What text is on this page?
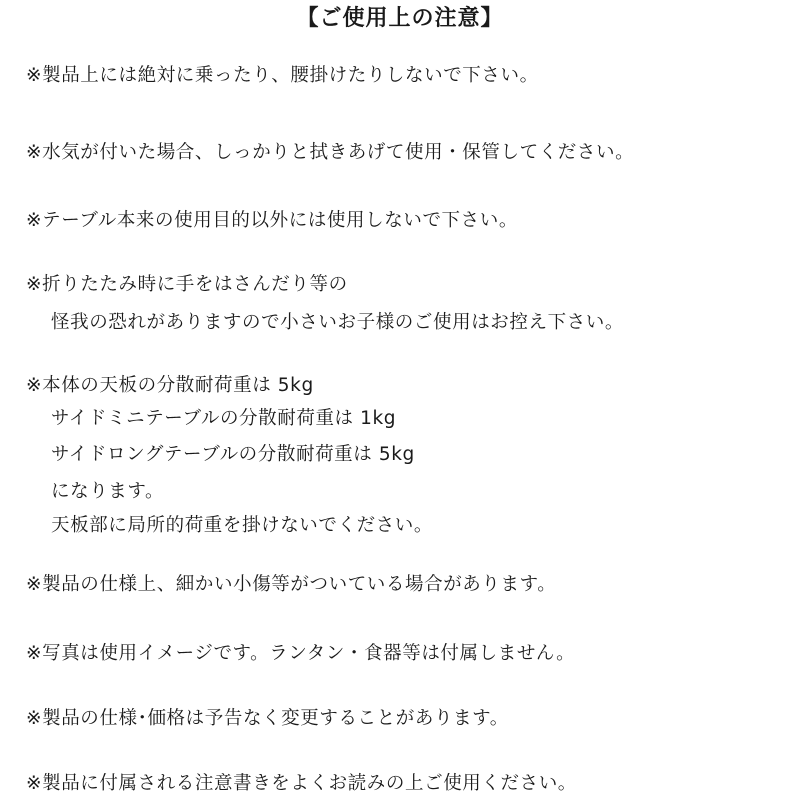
【ご使用上の注意】
※製品上には絶対に乗ったり、腰掛けたりしないで下さい。
※水気が付いた場合、しっかりと拭きあげて使用・保管してください。
※テーブル本来の使用目的以外には使用しないで下さい。
※折りたたみ時に手をはさんだり等の
怪我の恐れがありますので小さいお子様のご使用はお控え下さい。
※本体の天板の分散耐荷重は 5kg
サイドミニテーブルの分散耐荷重は 1kg
サイドロングテーブルの分散耐荷重は 5kg
になります。
天板部に局所的荷重を掛けないでください。
※製品の仕様上、細かい小傷等がついている場合があります。
※写真は使用イメージです。ランタン・食器等は付属しません。
※製品の仕様･価格は予告なく変更することがあります。
※製品に付属される注意書きをよくお読みの上ご使用ください。
